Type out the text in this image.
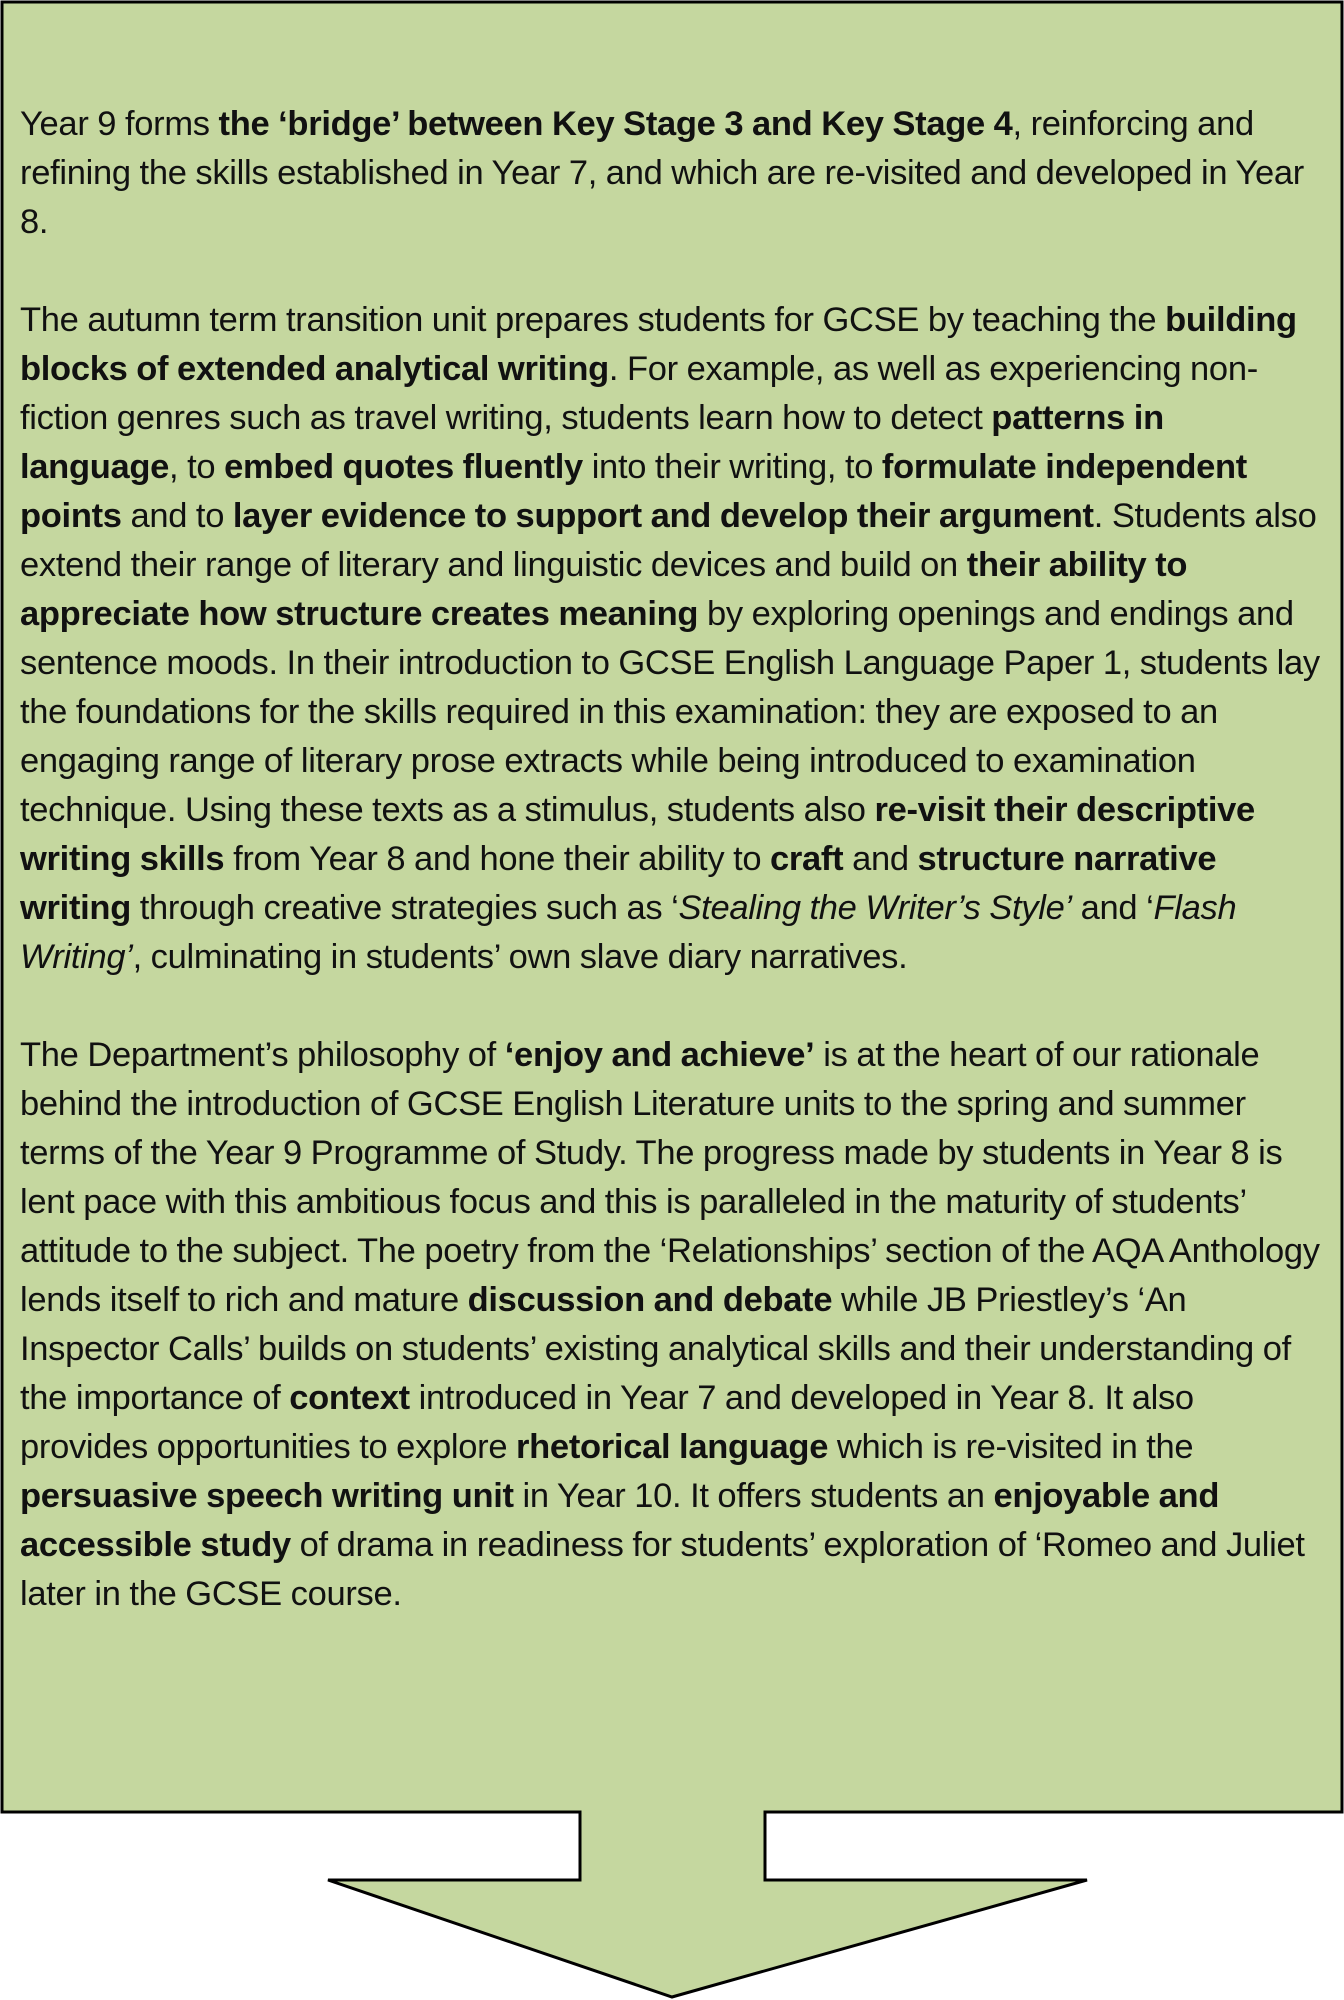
Year 9 forms the ‘bridge’ between Key Stage 3 and Key Stage 4, reinforcing and refining the skills established in Year 7, and which are re-visited and developed in Year 8.

The autumn term transition unit prepares students for GCSE by teaching the building blocks of extended analytical writing. For example, as well as experiencing non-fiction genres such as travel writing, students learn how to detect patterns in language, to embed quotes fluently into their writing, to formulate independent points and to layer evidence to support and develop their argument. Students also extend their range of literary and linguistic devices and build on their ability to appreciate how structure creates meaning by exploring openings and endings and sentence moods. In their introduction to GCSE English Language Paper 1, students lay the foundations for the skills required in this examination: they are exposed to an engaging range of literary prose extracts while being introduced to examination technique. Using these texts as a stimulus, students also re-visit their descriptive writing skills from Year 8 and hone their ability to craft and structure narrative writing through creative strategies such as ‘Stealing the Writer’s Style’ and ‘Flash Writing’, culminating in students’ own slave diary narratives.

The Department’s philosophy of ‘enjoy and achieve’ is at the heart of our rationale behind the introduction of GCSE English Literature units to the spring and summer terms of the Year 9 Programme of Study. The progress made by students in Year 8 is lent pace with this ambitious focus and this is paralleled in the maturity of students’ attitude to the subject. The poetry from the ‘Relationships’ section of the AQA Anthology lends itself to rich and mature discussion and debate while JB Priestley’s ‘An Inspector Calls’ builds on students’ existing analytical skills and their understanding of the importance of context introduced in Year 7 and developed in Year 8. It also provides opportunities to explore rhetorical language which is re-visited in the persuasive speech writing unit in Year 10. It offers students an enjoyable and accessible study of drama in readiness for students’ exploration of ‘Romeo and Juliet later in the GCSE course.
